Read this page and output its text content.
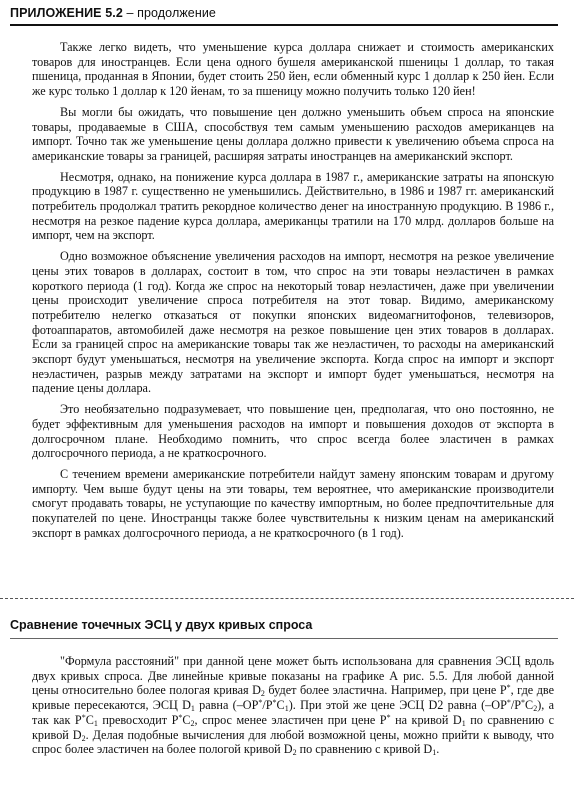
ПРИЛОЖЕНИЕ 5.2 – продолжение

Также легко видеть, что уменьшение курса доллара снижает и стоимость американских товаров для иностранцев. Если цена одного бушеля американской пшеницы 1 доллар, то такая пшеница, проданная в Японии, будет стоить 250 йен, если обменный курс 1 доллар к 250 йен. Если же курс только 1 доллар к 120 йенам, то за пшеницу можно получить только 120 йен!

Вы могли бы ожидать, что повышение цен должно уменьшить объем спроса на японские товары, продаваемые в США, способствуя тем самым уменьшению расходов американцев на импорт. Точно так же уменьшение цены доллара должно привести к увеличению объема спроса на американские товары за границей, расширяя затраты иностранцев на американский экспорт.

Несмотря, однако, на понижение курса доллара в 1987 г., американские затраты на японскую продукцию в 1987 г. существенно не уменьшились. Действительно, в 1986 и 1987 гг. американский потребитель продолжал тратить рекордное количество денег на иностранную продукцию. В 1986 г., несмотря на резкое падение курса доллара, американцы тратили на 170 млрд. долларов больше на импорт, чем на экспорт.

Одно возможное объяснение увеличения расходов на импорт, несмотря на резкое увеличение цены этих товаров в долларах, состоит в том, что спрос на эти товары неэластичен в рамках короткого периода (1 год). Когда же спрос на некоторый товар неэластичен, даже при увеличении цены происходит увеличение спроса потребителя на этот товар. Видимо, американскому потребителю нелегко отказаться от покупки японских видеомагнитофонов, телевизоров, фотоаппаратов, автомобилей даже несмотря на резкое повышение цен этих товаров в долларах. Если за границей спрос на американские товары так же неэластичен, то расходы на американский экспорт будут уменьшаться, несмотря на увеличение экспорта. Когда спрос на импорт и экспорт неэластичен, разрыв между затратами на экспорт и импорт будет уменьшаться, несмотря на падение цены доллара.

Это необязательно подразумевает, что повышение цен, предполагая, что оно постоянно, не будет эффективным для уменьшения расходов на импорт и повышения доходов от экспорта в долгосрочном плане. Необходимо помнить, что спрос всегда более эластичен в рамках долгосрочного периода, а не краткосрочного.

С течением времени американские потребители найдут замену японским товарам и другому импорту. Чем выше будут цены на эти товары, тем вероятнее, что американские производители смогут продавать товары, не уступающие по качеству импортным, но более предпочтительные для покупателей по цене. Иностранцы также более чувствительны к низким ценам на американский экспорт в рамках долгосрочного периода, а не краткосрочного (в 1 год).

Сравнение точечных ЭСЦ у двух кривых спроса

"Формула расстояний" при данной цене может быть использована для сравнения ЭСЦ вдоль двух кривых спроса. Две линейные кривые показаны на графике А рис. 5.5. Для любой данной цены относительно более пологая кривая $D_2$ будет более эластична. Например, при цене P*, где две кривые пересекаются, ЭСЦ $D_1$ равна $(-OP^*/P^*C_1)$. При этой же цене ЭСЦ D2 равна $(-OP^*/P^*C_2)$, а так как $P^*C_1$ превосходит $P^*C_2$, спрос менее эластичен при цене P* на кривой $D_1$ по сравнению с кривой $D_2$. Делая подобные вычисления для любой возможной цены, можно прийти к выводу, что спрос более эластичен на более пологой кривой $D_2$ по сравнению с кривой $D_1$.
